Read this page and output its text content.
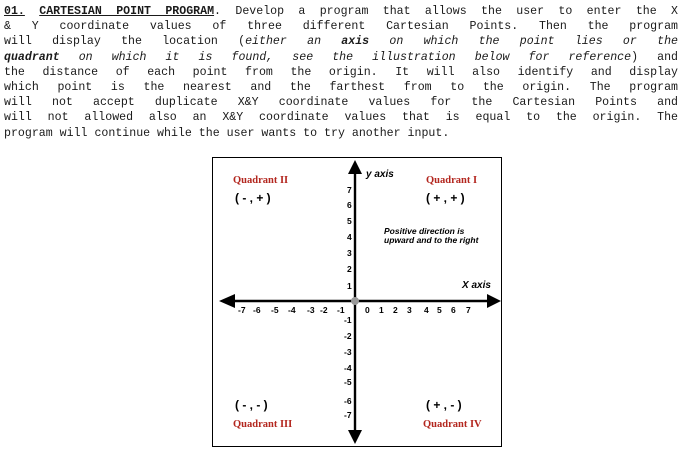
01. CARTESIAN POINT PROGRAM. Develop a program that allows the user to enter the X
& Y coordinate values of three different Cartesian Points. Then the program
will display the location (either an axis on which the point lies or the
quadrant on which it is found, see the illustration below for reference) and
the distance of each point from the origin. It will also identify and display
which point is the nearest and the farthest from to the origin. The program
will not accept duplicate X&Y coordinate values for the Cartesian Points and
will not allowed also an X&Y coordinate values that is equal to the origin. The
program will continue while the user wants to try another input.
y axis
X axis
Positive direction is
upward and to the right
Quadrant II
( - , + )
Quadrant I
( + , + )
( - , - )
Quadrant III
( + , - )
Quadrant IV
-7 -6 -5 -4 -3 -2 -1 0 1 2 3 4 5 6 7
7
6
5
4
3
2
1
-1
-2
-3
-4
-5
-6
-7
